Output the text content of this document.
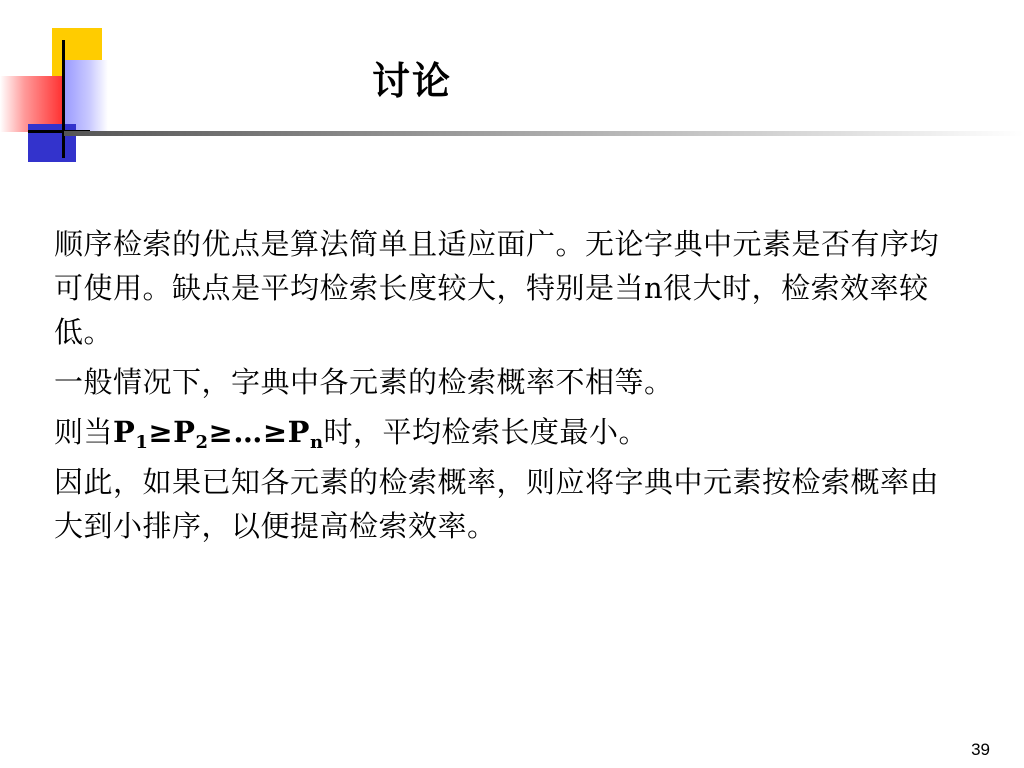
讨论

顺序检索的优点是算法简单且适应面广。无论字典中元素是否有序均可使用。缺点是平均检索长度较大，特别是当n很大时，检索效率较低。

一般情况下，字典中各元素的检索概率不相等。

则当$P_1\ge P_2\ge\dots\ge P_n$时，平均检索长度最小。

因此，如果已知各元素的检索概率，则应将字典中元素按检索概率由大到小排序，以便提高检索效率。

39
